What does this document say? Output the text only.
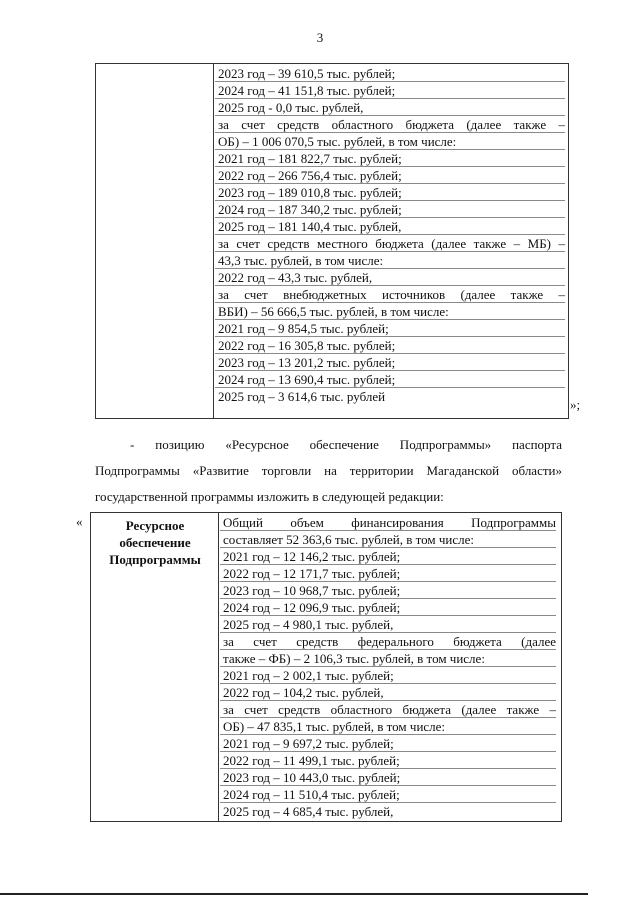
3
2023 год – 39 610,5 тыс. рублей;
2024 год – 41 151,8 тыс. рублей;
2025 год - 0,0 тыс. рублей,
за счет средств областного бюджета (далее также –
ОБ) – 1 006 070,5 тыс. рублей, в том числе:
2021 год – 181 822,7 тыс. рублей;
2022 год – 266 756,4 тыс. рублей;
2023 год – 189 010,8 тыс. рублей;
2024 год – 187 340,2 тыс. рублей;
2025 год – 181 140,4 тыс. рублей,
за счет средств местного бюджета (далее также – МБ) –
43,3 тыс. рублей, в том числе:
2022 год – 43,3 тыс. рублей,
за счет внебюджетных источников (далее также –
ВБИ) – 56 666,5 тыс. рублей, в том числе:
2021 год – 9 854,5 тыс. рублей;
2022 год – 16 305,8 тыс. рублей;
2023 год – 13 201,2 тыс. рублей;
2024 год – 13 690,4 тыс. рублей;
2025 год – 3 614,6 тыс. рублей
»;
- позицию «Ресурсное обеспечение Подпрограммы» паспорта
Подпрограммы «Развитие торговли на территории Магаданской области»
государственной программы изложить в следующей редакции:
«	Ресурсное
обеспечение
Подпрограммы
Общий объем финансирования Подпрограммы
составляет 52 363,6 тыс. рублей, в том числе:
2021 год – 12 146,2 тыс. рублей;
2022 год – 12 171,7 тыс. рублей;
2023 год – 10 968,7 тыс. рублей;
2024 год – 12 096,9 тыс. рублей;
2025 год – 4 980,1 тыс. рублей,
за счет средств федерального бюджета (далее
также – ФБ) – 2 106,3 тыс. рублей, в том числе:
2021 год – 2 002,1 тыс. рублей;
2022 год – 104,2 тыс. рублей,
за счет средств областного бюджета (далее также –
ОБ) – 47 835,1 тыс. рублей, в том числе:
2021 год – 9 697,2 тыс. рублей;
2022 год – 11 499,1 тыс. рублей;
2023 год – 10 443,0 тыс. рублей;
2024 год – 11 510,4 тыс. рублей;
2025 год – 4 685,4 тыс. рублей,
